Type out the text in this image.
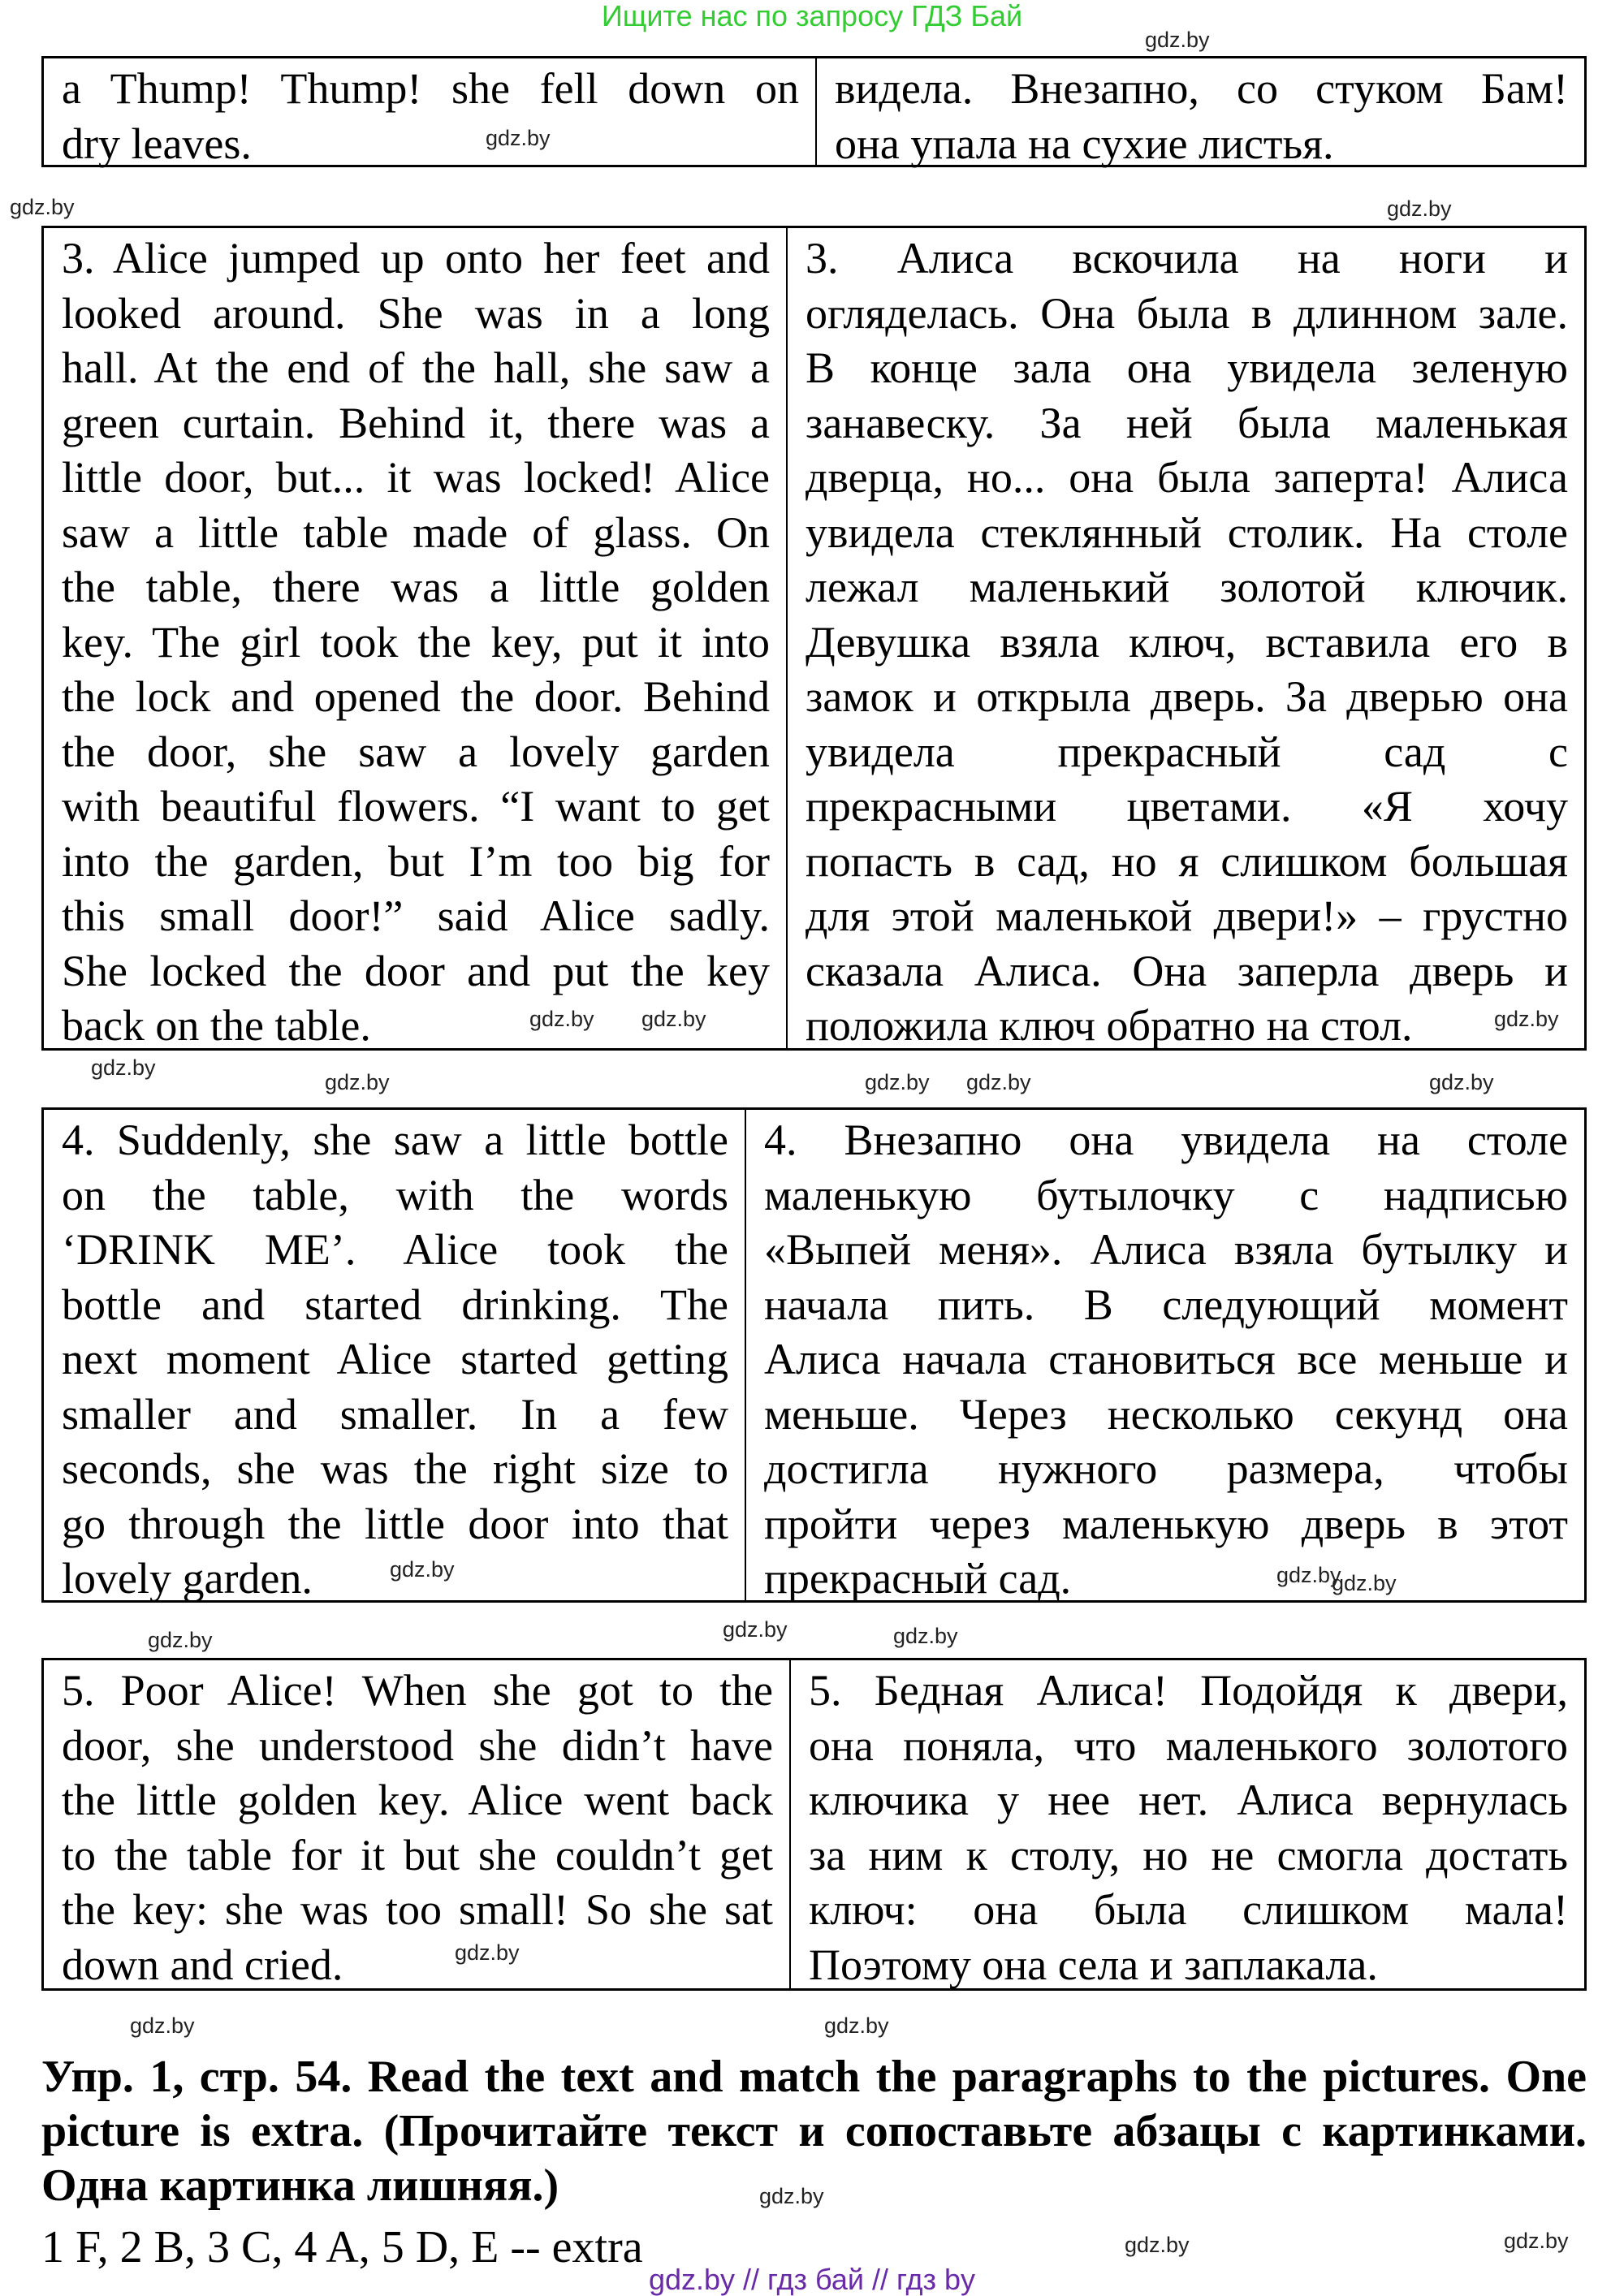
Ищите нас по запросу ГДЗ Бай
a Thump! Thump! she fell down on
dry leaves.
видела. Внезапно, со стуком Бам!
она упала на сухие листья.
3. Alice jumped up onto her feet and
looked around. She was in a long
hall. At the end of the hall, she saw a
green curtain. Behind it, there was a
little door, but... it was locked! Alice
saw a little table made of glass. On
the table, there was a little golden
key. The girl took the key, put it into
the lock and opened the door. Behind
the door, she saw a lovely garden
with beautiful flowers. “I want to get
into the garden, but I’m too big for
this small door!” said Alice sadly.
She locked the door and put the key
back on the table.
3. Алиса вскочила на ноги и
огляделась. Она была в длинном зале.
В конце зала она увидела зеленую
занавеску. За ней была маленькая
дверца, но... она была заперта! Алиса
увидела стеклянный столик. На столе
лежал маленький золотой ключик.
Девушка взяла ключ, вставила его в
замок и открыла дверь. За дверью она
увидела прекрасный сад с
прекрасными цветами. «Я хочу
попасть в сад, но я слишком большая
для этой маленькой двери!» – грустно
сказала Алиса. Она заперла дверь и
положила ключ обратно на стол.
4. Suddenly, she saw a little bottle
on the table, with the words
‘DRINK ME’. Alice took the
bottle and started drinking. The
next moment Alice started getting
smaller and smaller. In a few
seconds, she was the right size to
go through the little door into that
lovely garden.
4. Внезапно она увидела на столе
маленькую бутылочку с надписью
«Выпей меня». Алиса взяла бутылку и
начала пить. В следующий момент
Алиса начала становиться все меньше и
меньше. Через несколько секунд она
достигла нужного размера, чтобы
пройти через маленькую дверь в этот
прекрасный сад.
5. Poor Alice! When she got to the
door, she understood she didn’t have
the little golden key. Alice went back
to the table for it but she couldn’t get
the key: she was too small! So she sat
down and cried.
5. Бедная Алиса! Подойдя к двери,
она поняла, что маленького золотого
ключика у нее нет. Алиса вернулась
за ним к столу, но не смогла достать
ключ: она была слишком мала!
Поэтому она села и заплакала.
Упр. 1, стр. 54. Read the text and match the paragraphs to the pictures. One
picture is extra. (Прочитайте текст и сопоставьте абзацы с картинками.
Одна картинка лишняя.)
1 F, 2 B, 3 C, 4 A, 5 D, E -- extra
gdz.by // гдз бай // гдз by
gdz.by
gdz.by
gdz.by	gdz.by
gdz.by	gdz.by	gdz.by
gdz.by
gdz.by
gdz.by
gdz.by
gdz.by
gdz.by
gdz.by
gdz.by
gdz.by
gdz.by
gdz.by
gdz.by
gdz.by
gdz.by
gdz.by
gdz.by
gdz.by
